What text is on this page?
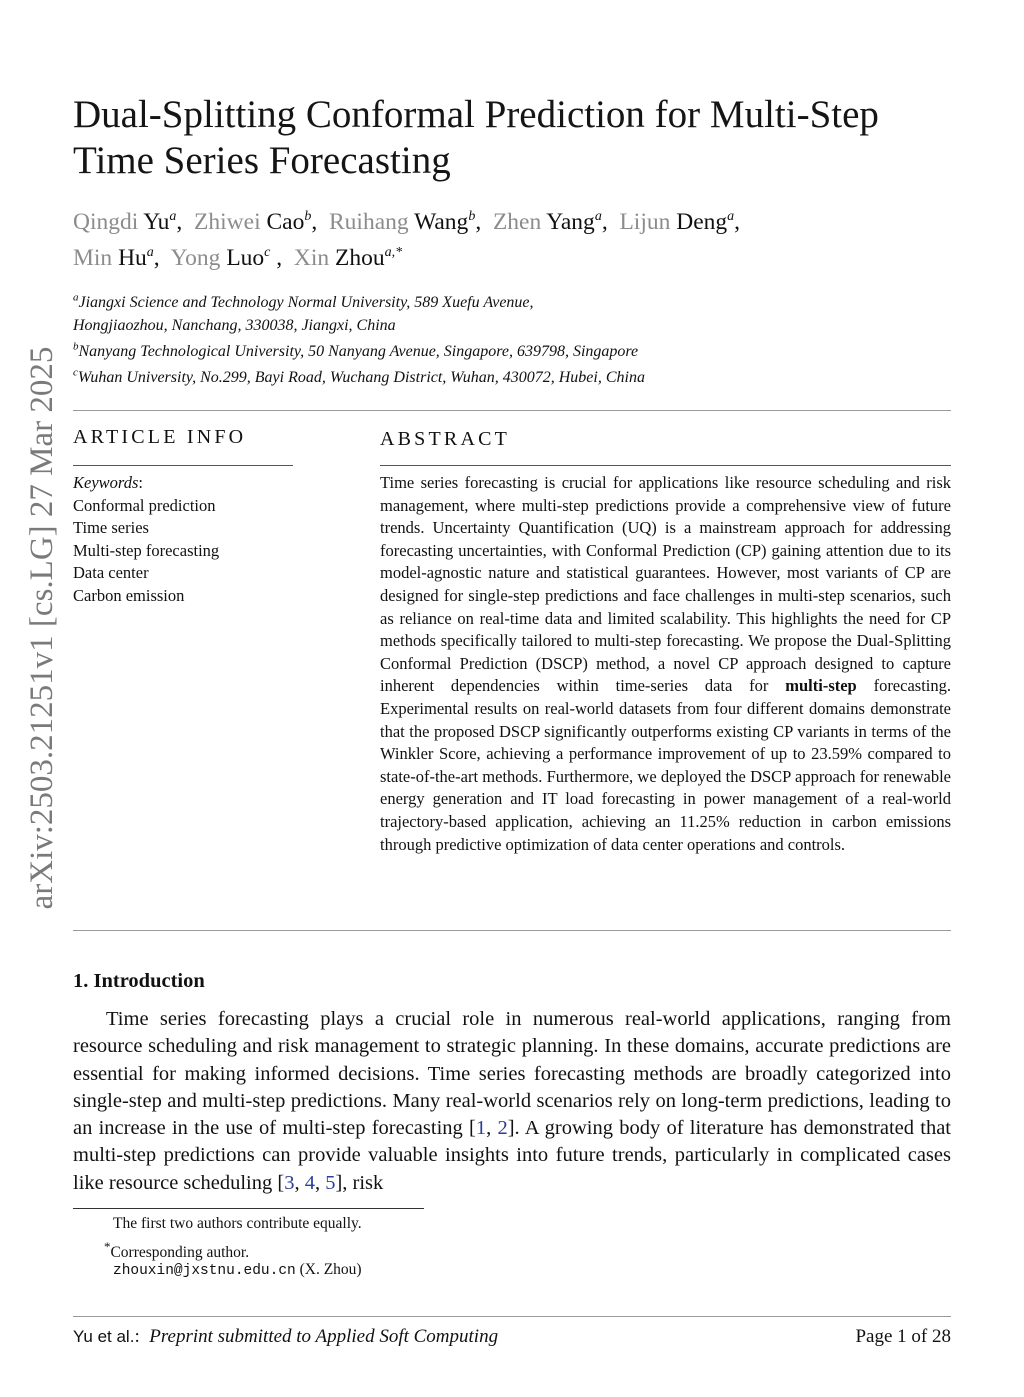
arXiv:2503.21251v1 [cs.LG] 27 Mar 2025
Dual-Splitting Conformal Prediction for Multi-Step Time Series Forecasting
Qingdi Yu$^a$, Zhiwei Cao$^b$, Ruihang Wang$^b$, Zhen Yang$^a$, Lijun Deng$^a$,
Min Hu$^a$, Yong Luo$^c$ , Xin Zhou$^{a,*}$
$^a$Jiangxi Science and Technology Normal University, 589 Xuefu Avenue,
Hongjiaozhou, Nanchang, 330038, Jiangxi, China
$^b$Nanyang Technological University, 50 Nanyang Avenue, Singapore, 639798, Singapore
$^c$Wuhan University, No.299, Bayi Road, Wuchang District, Wuhan, 430072, Hubei, China
ARTICLE INFO	ABSTRACT
Keywords:
Conformal prediction
Time series
Multi-step forecasting
Data center
Carbon emission

Time series forecasting is crucial for applications like resource scheduling and risk management, where multi-step predictions provide a comprehensive view of future trends. Uncertainty Quantification (UQ) is a mainstream approach for addressing forecasting uncertainties, with Conformal Prediction (CP) gaining attention due to its model-agnostic nature and statistical guarantees. However, most variants of CP are designed for single-step predictions and face challenges in multi-step scenarios, such as reliance on real-time data and limited scalability. This highlights the need for CP methods specifically tailored to multi-step forecasting. We propose the Dual-Splitting Conformal Prediction (DSCP) method, a novel CP approach designed to capture inherent dependencies within time-series data for multi-step forecasting. Experimental results on real-world datasets from four different domains demonstrate that the proposed DSCP significantly outperforms existing CP variants in terms of the Winkler Score, achieving a performance improvement of up to 23.59% compared to state-of-the-art methods. Furthermore, we deployed the DSCP approach for renewable energy generation and IT load forecasting in power management of a real-world trajectory-based application, achieving an 11.25% reduction in carbon emissions through predictive optimization of data center operations and controls.

1. Introduction

Time series forecasting plays a crucial role in numerous real-world applications, ranging from resource scheduling and risk management to strategic planning. In these domains, accurate predictions are essential for making informed decisions. Time series forecasting methods are broadly categorized into single-step and multi-step predictions. Many real-world scenarios rely on long-term predictions, leading to an increase in the use of multi-step forecasting [1, 2]. A growing body of literature has demonstrated that multi-step predictions can provide valuable insights into future trends, particularly in complicated cases like resource scheduling [3, 4, 5], risk

The first two authors contribute equally.
*Corresponding author.
zhouxin@jxstnu.edu.cn (X. Zhou)
Yu et al.:  Preprint submitted to Applied Soft Computing	Page 1 of 28
